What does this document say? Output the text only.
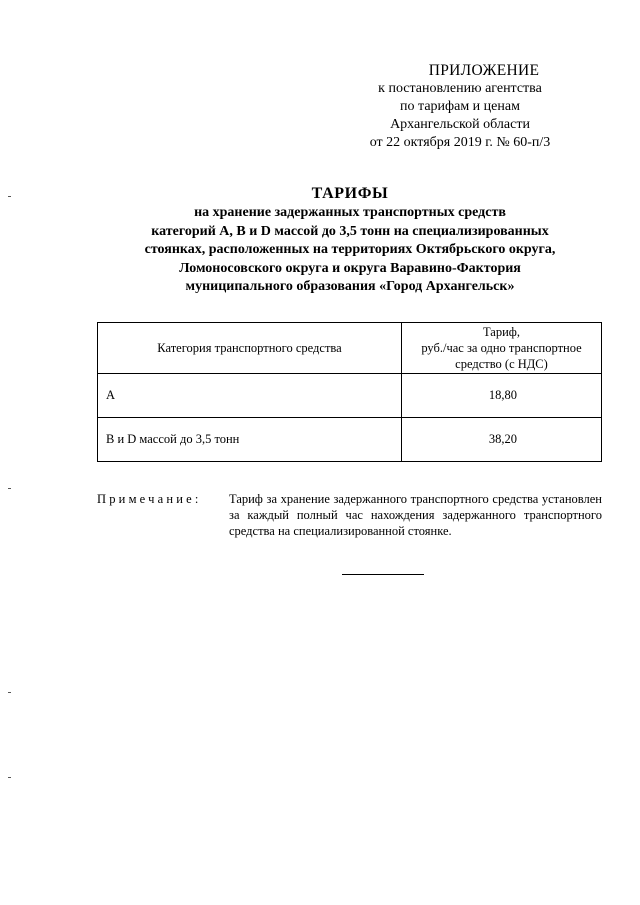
ПРИЛОЖЕНИЕ
к постановлению агентства
по тарифам и ценам
Архангельской области
от 22 октября 2019 г. № 60-п/3
ТАРИФЫ
на хранение задержанных транспортных средств
категорий А, В и D массой до 3,5 тонн на специализированных
стоянках, расположенных на территориях Октябрьского округа,
Ломоносовского округа и округа Варавино-Фактория
муниципального образования «Город Архангельск»
Категория транспортного средства	Тариф,
руб./час за одно транспортное
средство (с НДС)

А	18,80
В и D массой до 3,5 тонн	38,20
Примечание: Тариф за хранение задержанного транспортного средства установлен за каждый полный час нахождения задержанного транспортного средства на специализированной стоянке.
